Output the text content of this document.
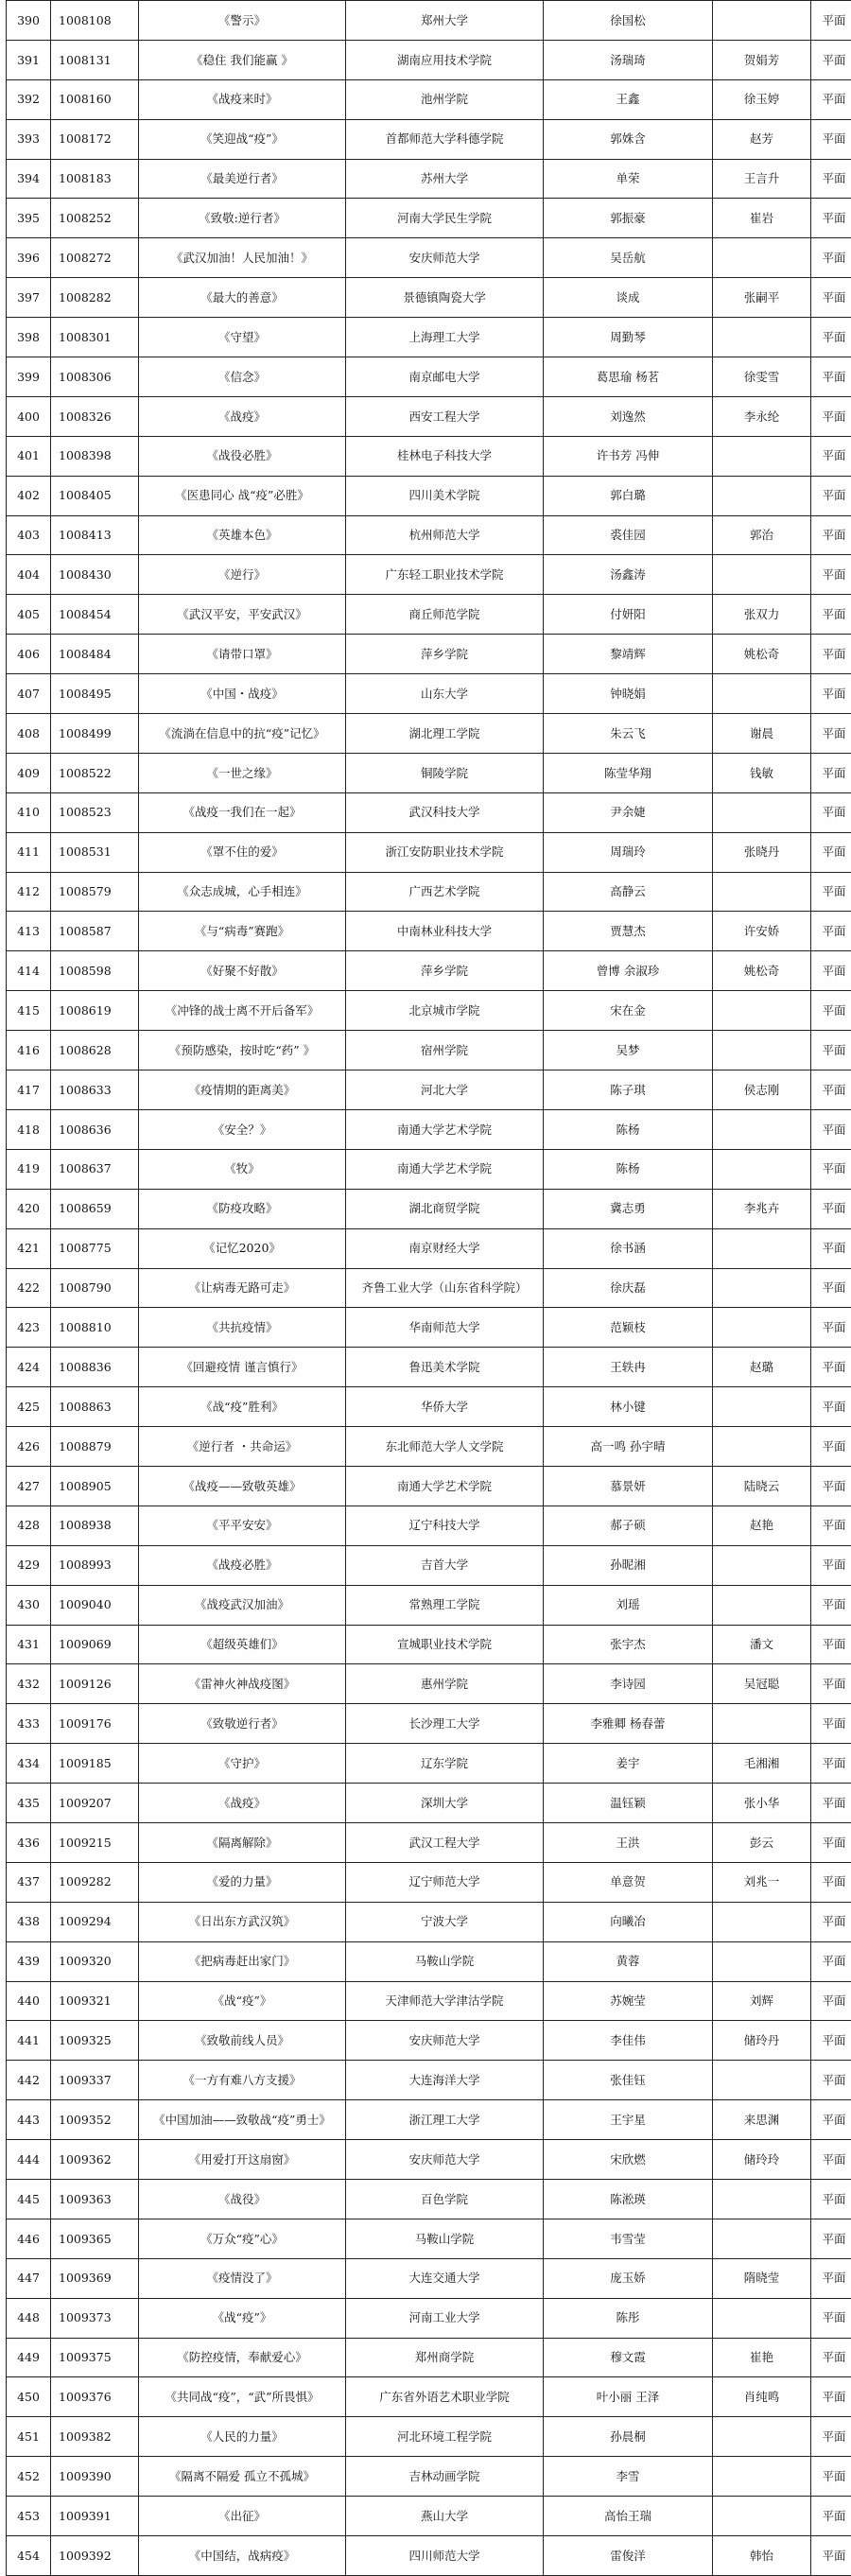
390	1008108	《警示》	郑州大学	徐国松		平面
391	1008131	《稳住 我们能赢 》	湖南应用技术学院	汤瑞琦	贺娟芳	平面
392	1008160	《战疫来时》	池州学院	王鑫	徐玉婷	平面
393	1008172	《笑迎战“疫”》	首都师范大学科德学院	郭姝含	赵芳	平面
394	1008183	《最美逆行者》	苏州大学	单荣	王言升	平面
395	1008252	《致敬:逆行者》	河南大学民生学院	郭振豪	崔岩	平面
396	1008272	《武汉加油！人民加油！》	安庆师范大学	吴岳航		平面
397	1008282	《最大的善意》	景德镇陶瓷大学	谈成	张嗣平	平面
398	1008301	《守望》	上海理工大学	周勤琴		平面
399	1008306	《信念》	南京邮电大学	葛思瑜 杨茗	徐雯雪	平面
400	1008326	《战疫》	西安工程大学	刘逸然	李永纶	平面
401	1008398	《战役必胜》	桂林电子科技大学	许书芳 冯伸		平面
402	1008405	《医患同心 战“疫”必胜》	四川美术学院	郭白璐		平面
403	1008413	《英雄本色》	杭州师范大学	裘佳园	郭治	平面
404	1008430	《逆行》	广东轻工职业技术学院	汤鑫涛		平面
405	1008454	《武汉平安，平安武汉》	商丘师范学院	付妍阳	张双力	平面
406	1008484	《请带口罩》	萍乡学院	黎靖辉	姚松奇	平面
407	1008495	《中国・战疫》	山东大学	钟晓娟		平面
408	1008499	《流淌在信息中的抗“疫”记忆》	湖北理工学院	朱云飞	谢晨	平面
409	1008522	《一世之缘》	铜陵学院	陈莹华翔	钱敏	平面
410	1008523	《战疫一我们在一起》	武汉科技大学	尹余婕		平面
411	1008531	《罩不住的爱》	浙江安防职业技术学院	周瑞玲	张晓丹	平面
412	1008579	《众志成城，心手相连》	广西艺术学院	高静云		平面
413	1008587	《与“病毒”赛跑》	中南林业科技大学	贾慧杰	许安娇	平面
414	1008598	《好聚不好散》	萍乡学院	曾博 余淑珍	姚松奇	平面
415	1008619	《冲锋的战士离不开后备军》	北京城市学院	宋在金		平面
416	1008628	《预防感染，按时吃“药” 》	宿州学院	吴梦		平面
417	1008633	《疫情期的距离美》	河北大学	陈子琪	侯志刚	平面
418	1008636	《安全？》	南通大学艺术学院	陈杨		平面
419	1008637	《牧》	南通大学艺术学院	陈杨		平面
420	1008659	《防疫攻略》	湖北商贸学院	冀志勇	李兆卉	平面
421	1008775	《记忆2020》	南京财经大学	徐书涵		平面
422	1008790	《让病毒无路可走》	齐鲁工业大学（山东省科学院）	徐庆磊		平面
423	1008810	《共抗疫情》	华南师范大学	范颖枝		平面
424	1008836	《回避疫情 谨言慎行》	鲁迅美术学院	王轶冉	赵璐	平面
425	1008863	《战“疫”胜利》	华侨大学	林小键		平面
426	1008879	《逆行者 ・共命运》	东北师范大学人文学院	高一鸣 孙宇晴		平面
427	1008905	《战疫——致敬英雄》	南通大学艺术学院	慕景妍	陆晓云	平面
428	1008938	《平平安安》	辽宁科技大学	郝子硕	赵艳	平面
429	1008993	《战疫必胜》	吉首大学	孙昵湘		平面
430	1009040	《战疫武汉加油》	常熟理工学院	刘瑶		平面
431	1009069	《超级英雄们》	宣城职业技术学院	张宇杰	潘文	平面
432	1009126	《雷神火神战疫图》	惠州学院	李诗园	吴冠聪	平面
433	1009176	《致敬逆行者》	长沙理工大学	李雅卿 杨春蕾		平面
434	1009185	《守护》	辽东学院	姜宇	毛湘湘	平面
435	1009207	《战疫》	深圳大学	温钰颖	张小华	平面
436	1009215	《隔离解除》	武汉工程大学	王洪	彭云	平面
437	1009282	《爱的力量》	辽宁师范大学	单意贺	刘兆一	平面
438	1009294	《日出东方武汉筑》	宁波大学	向曦冶		平面
439	1009320	《把病毒赶出家门》	马鞍山学院	黄蓉		平面
440	1009321	《战“疫”》	天津师范大学津沽学院	苏婉莹	刘辉	平面
441	1009325	《致敬前线人员》	安庆师范大学	李佳伟	储玲丹	平面
442	1009337	《一方有难八方支援》	大连海洋大学	张佳钰		平面
443	1009352	《中国加油——致敬战“疫”勇士》	浙江理工大学	王宇星	来思渊	平面
444	1009362	《用爱打开这扇窗》	安庆师范大学	宋欣燃	储玲玲	平面
445	1009363	《战役》	百色学院	陈淞瑛		平面
446	1009365	《万众“疫”心》	马鞍山学院	韦雪莹		平面
447	1009369	《疫情没了》	大连交通大学	庞玉娇	隋晓莹	平面
448	1009373	《战“疫”》	河南工业大学	陈彤		平面
449	1009375	《防控疫情，奉献爱心》	郑州商学院	穆文霞	崔艳	平面
450	1009376	《共同战“疫”，“武”所畏惧》	广东省外语艺术职业学院	叶小丽 王泽	肖纯鸣	平面
451	1009382	《人民的力量》	河北环境工程学院	孙晨桐		平面
452	1009390	《隔离不隔爱 孤立不孤城》	吉林动画学院	李雪		平面
453	1009391	《出征》	燕山大学	高怡王瑞		平面
454	1009392	《中国结，战病疫》	四川师范大学	雷俊洋	韩怡	平面
